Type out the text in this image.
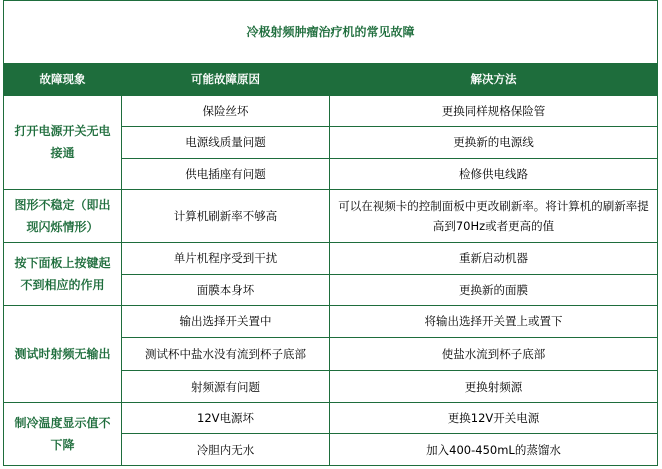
冷极射频肿瘤治疗机的常见故障		
故障现象	可能故障原因	解决方法
打开电源开关无电接通	保险丝坏	更换同样规格保险管
	电源线质量问题	更换新的电源线
	供电插座有问题	检修供电线路
图形不稳定（即出现闪烁情形）	计算机刷新率不够高	可以在视频卡的控制面板中更改刷新率。将计算机的刷新率提高到70Hz或者更高的值
按下面板上按键起不到相应的作用	单片机程序受到干扰	重新启动机器
	面膜本身坏	更换新的面膜
测试时射频无输出	输出选择开关置中	将输出选择开关置上或置下
	测试杯中盐水没有流到杯子底部	使盐水流到杯子底部
	射频源有问题	更换射频源
制冷温度显示值不下降	12V电源坏	更换12V开关电源
	冷胆内无水	加入400-450mL的蒸馏水
